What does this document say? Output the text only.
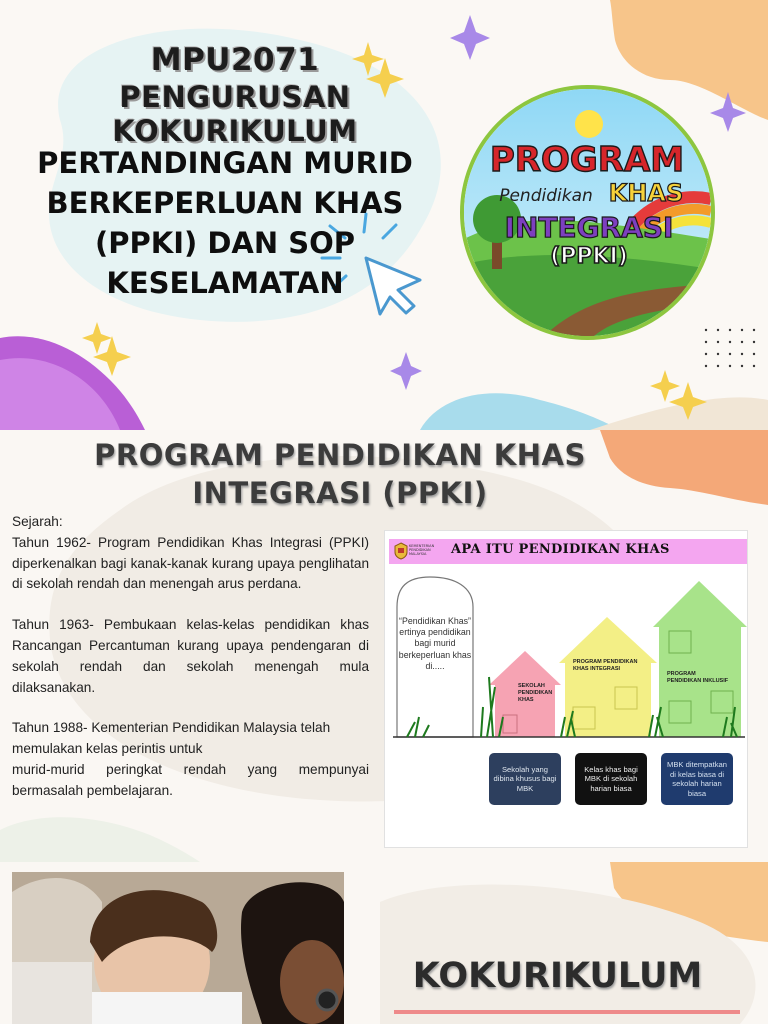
MPU2071
PENGURUSAN KOKURIKULUM
PERTANDINGAN MURID
BERKEPERLUAN KHAS
(PPKI) DAN SOP
KESELAMATAN
PROGRAM
Pendidikan KHAS
INTEGRASI
(PPKI)
PROGRAM PENDIDIKAN KHAS
INTEGRASI (PPKI)

Sejarah:

Tahun 1962- Program Pendidikan Khas Integrasi (PPKI) diperkenalkan bagi kanak-kanak kurang upaya penglihatan di sekolah rendah dan menengah arus perdana.

Tahun 1963- Pembukaan kelas-kelas pendidikan khas Rancangan Percantuman kurang upaya pendengaran di sekolah rendah dan sekolah menengah mula dilaksanakan.

Tahun 1988- Kementerian Pendidikan Malaysia telah memulakan kelas perintis untuk

murid-murid peringkat rendah yang mempunyai bermasalah pembelajaran.

KEMENTERIAN PENDIDIKAN MALAYSIA	APA ITU PENDIDIKAN KHAS
“Pendidikan Khas” ertinya pendidikan bagi murid berkeperluan khas di.....
SEKOLAH PENDIDIKAN KHAS
PROGRAM PENDIDIKAN KHAS INTEGRASI
PROGRAM PENDIDIKAN INKLUSIF
Sekolah yang dibina khusus bagi MBK
Kelas khas bagi MBK di sekolah harian biasa
MBK ditempatkan di kelas biasa di sekolah harian biasa
KOKURIKULUM
